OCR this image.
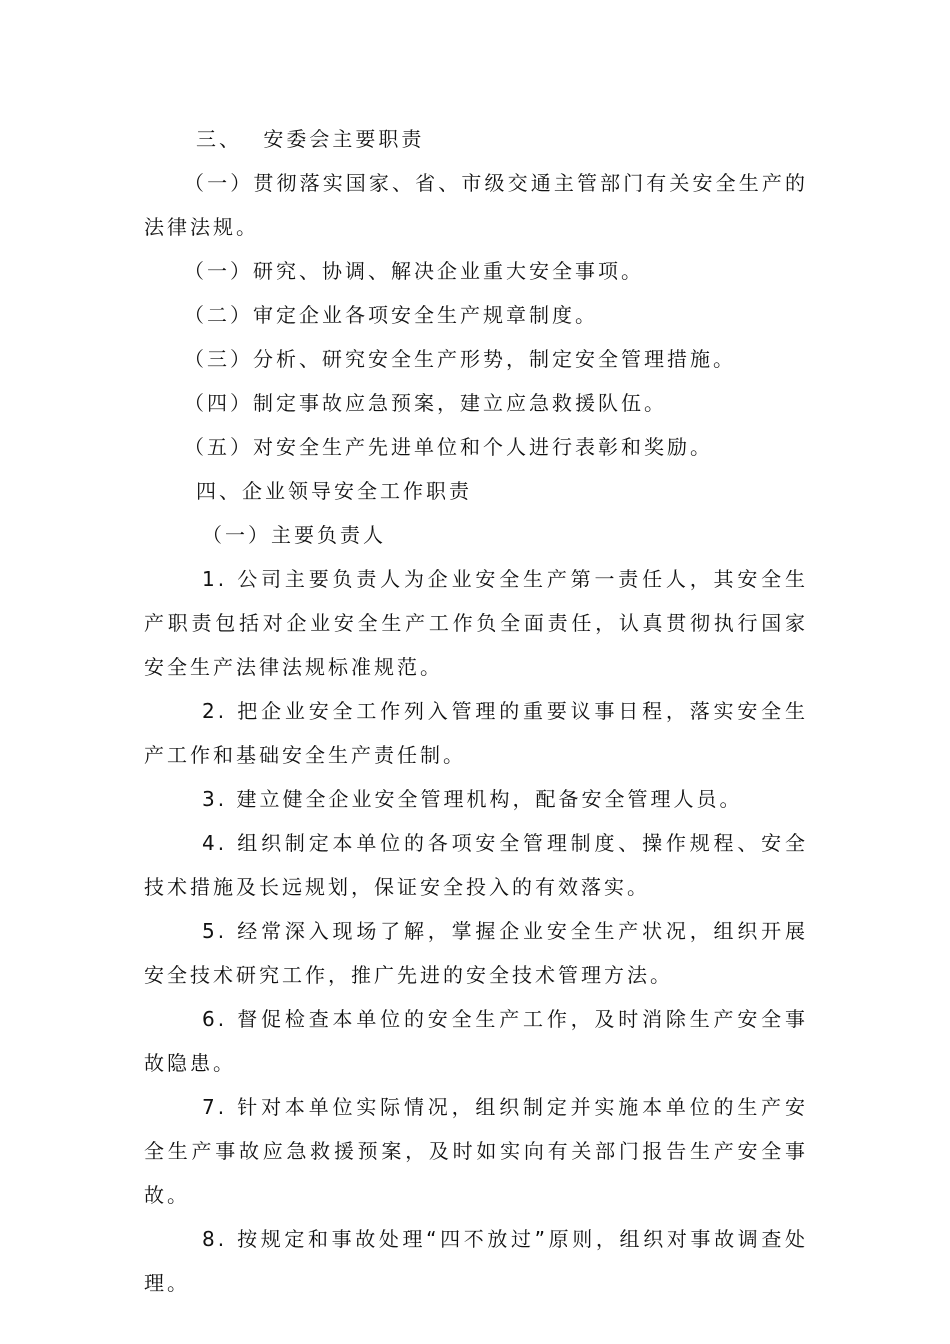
三、 安委会主要职责

（一）贯彻落实国家、省、市级交通主管部门有关安全生产的法律法规。

（一）研究、协调、解决企业重大安全事项。

（二）审定企业各项安全生产规章制度。

（三）分析、研究安全生产形势，制定安全管理措施。

（四）制定事故应急预案，建立应急救援队伍。

（五）对安全生产先进单位和个人进行表彰和奖励。

四、企业领导安全工作职责

（一）主要负责人

1. 公司主要负责人为企业安全生产第一责任人，其安全生产职责包括对企业安全生产工作负全面责任，认真贯彻执行国家安全生产法律法规标准规范。

2. 把企业安全工作列入管理的重要议事日程，落实安全生产工作和基础安全生产责任制。

3. 建立健全企业安全管理机构，配备安全管理人员。

4. 组织制定本单位的各项安全管理制度、操作规程、安全技术措施及长远规划，保证安全投入的有效落实。

5. 经常深入现场了解，掌握企业安全生产状况，组织开展安全技术研究工作，推广先进的安全技术管理方法。

6. 督促检查本单位的安全生产工作，及时消除生产安全事故隐患。

7. 针对本单位实际情况，组织制定并实施本单位的生产安全生产事故应急救援预案，及时如实向有关部门报告生产安全事故。

8. 按规定和事故处理“四不放过”原则，组织对事故调查处理。
